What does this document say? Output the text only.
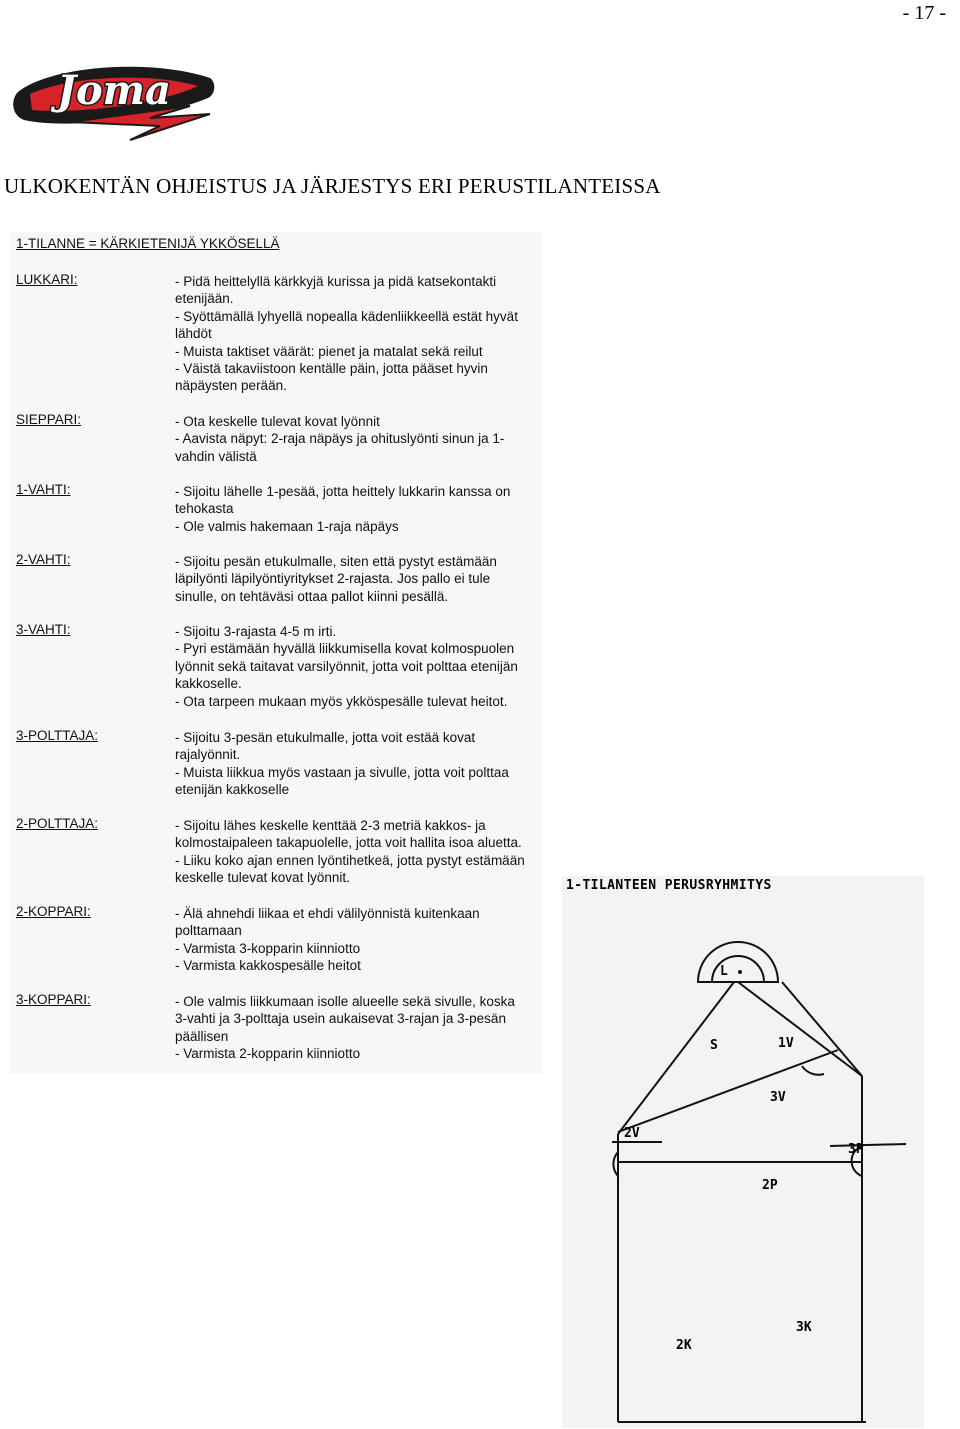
- 17 -
Joma
ULKOKENTÄN OHJEISTUS JA JÄRJESTYS ERI PERUSTILANTEISSA
1-TILANNE = KÄRKIETENIJÄ YKKÖSELLÄ
LUKKARI:	- Pidä heittelyllä kärkkyjä kurissa ja pidä katsekontakti
etenijään.
- Syöttämällä lyhyellä nopealla kädenliikkeellä estät hyvät
lähdöt
- Muista taktiset väärät: pienet ja matalat sekä reilut
- Väistä takaviistoon kentälle päin, jotta pääset hyvin
näpäysten perään.
SIEPPARI:	- Ota keskelle tulevat kovat lyönnit
- Aavista näpyt: 2-raja näpäys ja ohituslyönti sinun ja 1-
vahdin välistä
1-VAHTI:	- Sijoitu lähelle 1-pesää, jotta heittely lukkarin kanssa on
tehokasta
- Ole valmis hakemaan 1-raja näpäys
2-VAHTI:	- Sijoitu pesän etukulmalle, siten että pystyt estämään
läpilyönti läpilyöntiyritykset 2-rajasta. Jos pallo ei tule
sinulle, on tehtäväsi ottaa pallot kiinni pesällä.
3-VAHTI:	- Sijoitu 3-rajasta 4-5 m irti.
- Pyri estämään hyvällä liikkumisella kovat kolmospuolen
lyönnit sekä taitavat varsilyönnit, jotta voit polttaa etenijän
kakkoselle.
- Ota tarpeen mukaan myös ykköspesälle tulevat heitot.
3-POLTTAJA:	- Sijoitu 3-pesän etukulmalle, jotta voit estää kovat
rajalyönnit.
- Muista liikkua myös vastaan ja sivulle, jotta voit polttaa
etenijän kakkoselle
2-POLTTAJA:	- Sijoitu lähes keskelle kenttää 2-3 metriä kakkos- ja
kolmostaipaleen takapuolelle, jotta voit hallita isoa aluetta.
- Liiku koko ajan ennen lyöntihetkeä, jotta pystyt estämään
keskelle tulevat kovat lyönnit.
2-KOPPARI:	- Älä ahnehdi liikaa et ehdi välilyönnistä kuitenkaan
polttamaan
- Varmista 3-kopparin kiinniotto
- Varmista kakkospesälle heitot
3-KOPPARI:	- Ole valmis liikkumaan isolle alueelle sekä sivulle, koska
3-vahti ja 3-polttaja usein aukaisevat 3-rajan ja 3-pesän
päällisen
- Varmista 2-kopparin kiinniotto
1-TILANTEEN PERUSRYHMITYS
L
S	1V
3V
2V
3P
2P
3K
2K
